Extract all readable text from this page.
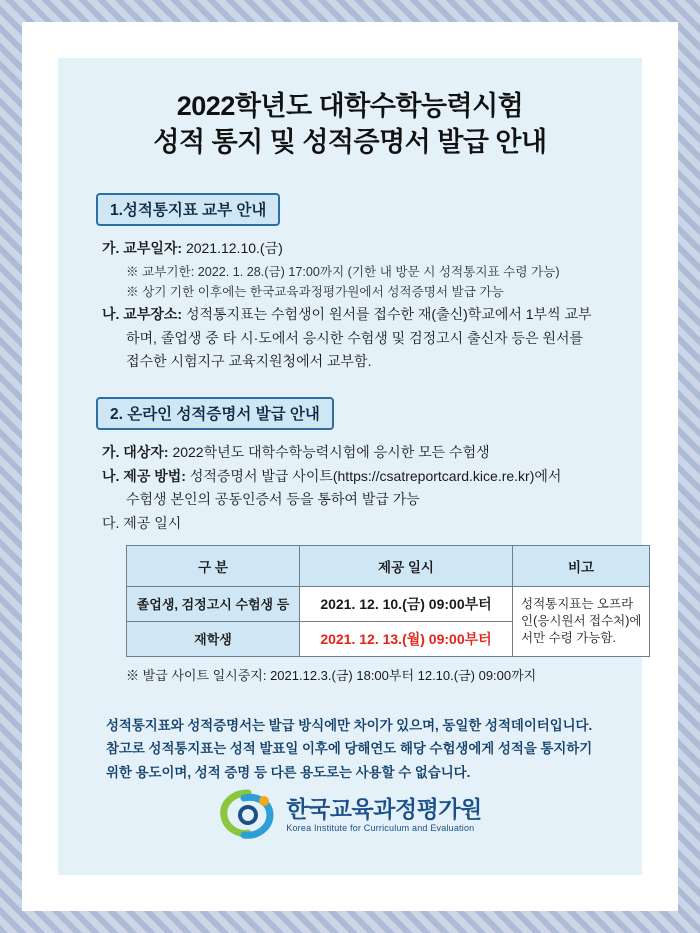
2022학년도 대학수학능력시험
성적 통지 및 성적증명서 발급 안내
1.성적통지표 교부 안내
가. 교부일자: 2021.12.10.(금)
※ 교부기한: 2022. 1. 28.(금) 17:00까지 (기한 내 방문 시 성적통지표 수령 가능)
※ 상기 기한 이후에는 한국교육과정평가원에서 성적증명서 발급 가능
나. 교부장소: 성적통지표는 수험생이 원서를 접수한 재(출신)학교에서 1부씩 교부
하며, 졸업생 중 타 시·도에서 응시한 수험생 및 검정고시 출신자 등은 원서를
접수한 시험지구 교육지원청에서 교부함.
2. 온라인 성적증명서 발급 안내
가. 대상자: 2022학년도 대학수학능력시험에 응시한 모든 수험생
나. 제공 방법: 성적증명서 발급 사이트(https://csatreportcard.kice.re.kr)에서
수험생 본인의 공동인증서 등을 통하여 발급 가능
다. 제공 일시
구 분	제공 일시	비고
졸업생, 검정고시 수험생 등	2021. 12. 10.(금) 09:00부터	성적통지표는 오프라인(응시원서 접수처)에서만 수령 가능함.
재학생	2021. 12. 13.(월) 09:00부터	
※ 발급 사이트 일시중지: 2021.12.3.(금) 18:00부터 12.10.(금) 09:00까지
성적통지표와 성적증명서는 발급 방식에만 차이가 있으며, 동일한 성적데이터입니다.
참고로 성적통지표는 성적 발표일 이후에 당해연도 해당 수험생에게 성적을 통지하기
위한 용도이며, 성적 증명 등 다른 용도로는 사용할 수 없습니다.
한국교육과정평가원
Korea Institute for Curriculum and Evaluation
